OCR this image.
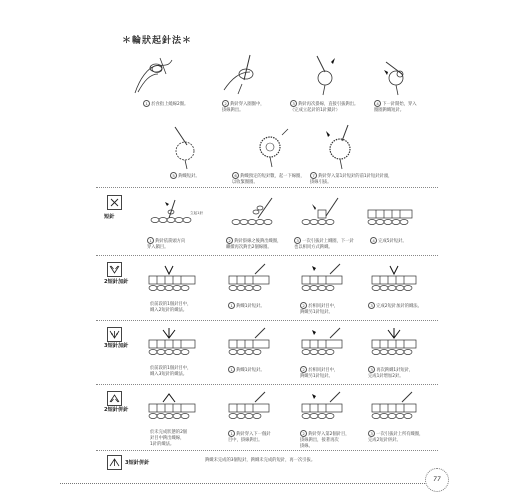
＊輪狀起針法＊
1 於食指上繞線2圈。	2 鉤針穿入圈圈中，
掛線鉤出。
3 鉤針再次掛線，直接引拔鉤出。
（完成立起針的1針鎖針）
4 下一針開始，穿入
圈圈鉤織短針。
5 鉤織短針。	6 鉤織預定的短針數，起一下線圈，
以收緊圈圈。
7 鉤針穿入第1針短針的前1針短針針頭，
掛線引拔。
短針
立起1針
1 鉤針依箭頭方向
穿入鎖目。
2 鉤針掛線之後鉤出織圈，
繼續再次鉤出2個線圈。
3 一次引拔針上織圈，下一針
也以相同方式鉤織。
4 完成5針短針。
2短針加針
於前段的1個針目中，
織入2短針的織法。
1 鉤織1針短針。	2 於相同針目中，
鉤織另1針短針。
3 完成2短針加針的織法。
3短針加針
於前段的1個針目中，
織入3短針的織法。
1 鉤織1針短針。	2 於相同針目中，
鉤織另1針短針。
3 再次鉤織1針短針，
完成1針增加2針。
2短針併針
於未完成狀態的2個
針目中鉤出織線，
1針的織法。
1 鉤針穿入下一個針
目中，掛線鉤出。
2 鉤針穿入第2個針目，
掛線鉤出，接著再次
掛線。
3 一次引拔針上所有織圈，
完成2短針併針。
3短針併針	鉤織未完成的3個短針，鉤織未完成的短針，再一次引拔。
77
